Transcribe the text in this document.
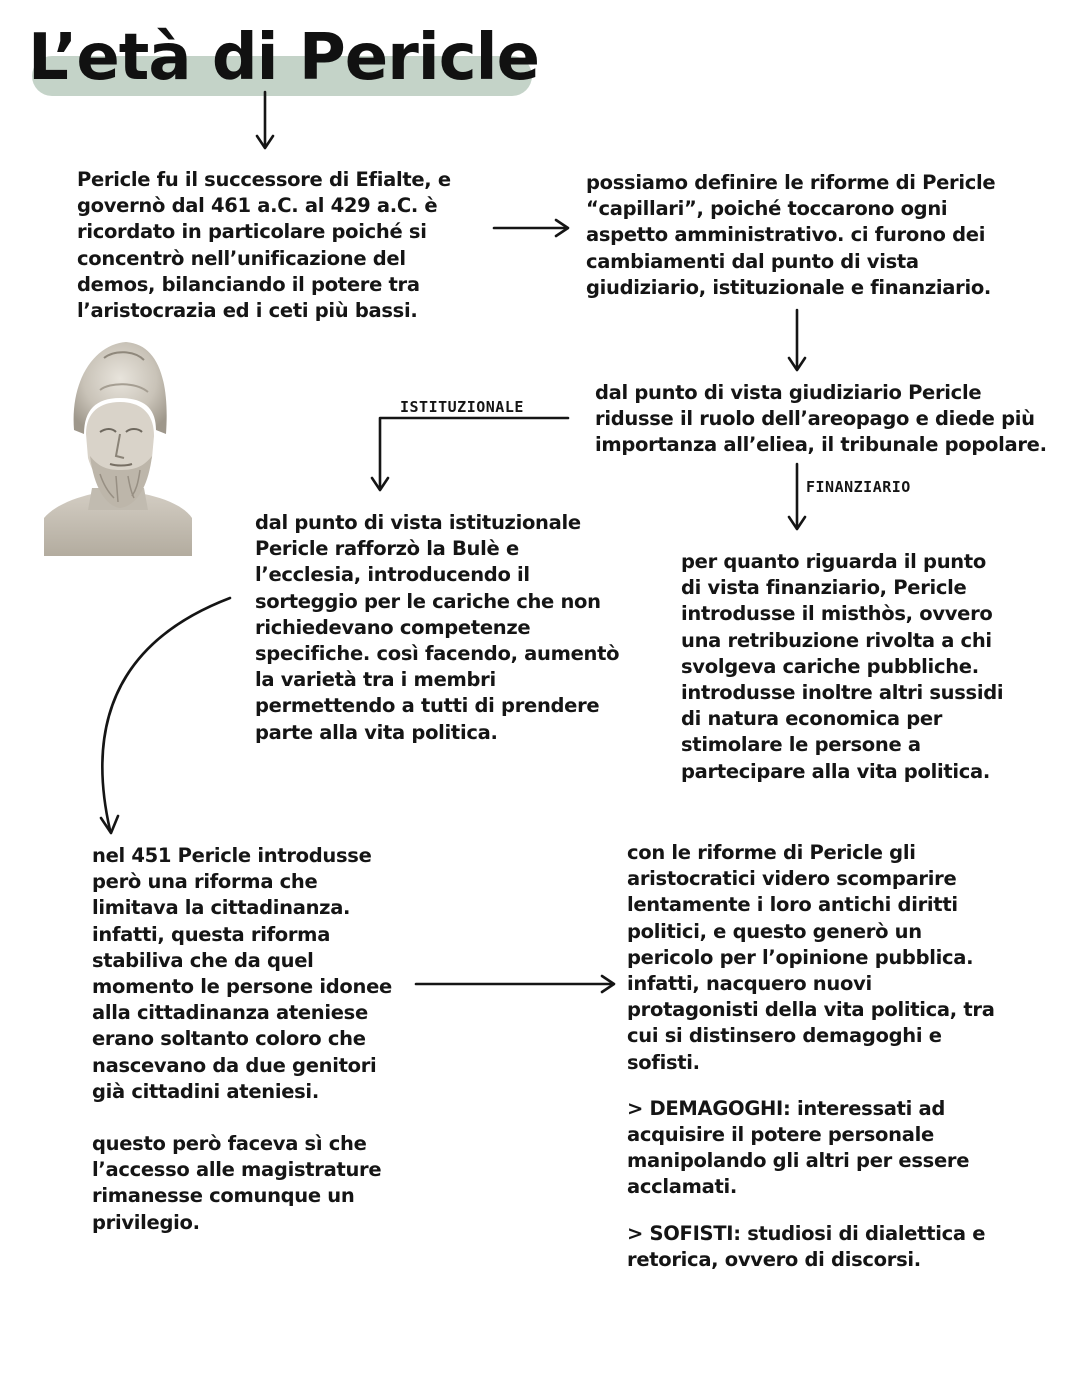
L’età di Pericle
ISTITUZIONALE
FINANZIARIO
Pericle fu il successore di Efialte, e governò dal 461 a.C. al 429 a.C. è ricordato in particolare poiché si concentrò nell’unificazione del demos, bilanciando il potere tra l’aristocrazia ed i ceti più bassi.
possiamo definire le riforme di Pericle “capillari”, poiché toccarono ogni aspetto amministrativo. ci furono dei cambiamenti dal punto di vista giudiziario, istituzionale e finanziario.
dal punto di vista giudiziario Pericle ridusse il ruolo dell’areopago e diede più importanza all’eliea, il tribunale popolare.
dal punto di vista istituzionale Pericle rafforzò la Bulè e l’ecclesia, introducendo il sorteggio per le cariche che non richiedevano competenze specifiche. così facendo, aumentò la varietà tra i membri permettendo a tutti di prendere parte alla vita politica.

per quanto riguarda il punto di vista finanziario, Pericle introdusse il misthòs, ovvero una retribuzione rivolta a chi svolgeva cariche pubbliche.

introdusse inoltre altri sussidi di natura economica per stimolare le persone a partecipare alla vita politica.

nel 451 Pericle introdusse però una riforma che limitava la cittadinanza. infatti, questa riforma stabiliva che da quel momento le persone idonee alla cittadinanza ateniese erano soltanto coloro che nascevano da due genitori già cittadini ateniesi.

questo però faceva sì che l’accesso alle magistrature rimanesse comunque un privilegio.

con le riforme di Pericle gli aristocratici videro scomparire lentamente i loro antichi diritti politici, e questo generò un pericolo per l’opinione pubblica. infatti, nacquero nuovi protagonisti della vita politica, tra cui si distinsero demagoghi e sofisti.

> DEMAGOGHI: interessati ad acquisire il potere personale manipolando gli altri per essere acclamati.

> SOFISTI: studiosi di dialettica e retorica, ovvero di discorsi.
